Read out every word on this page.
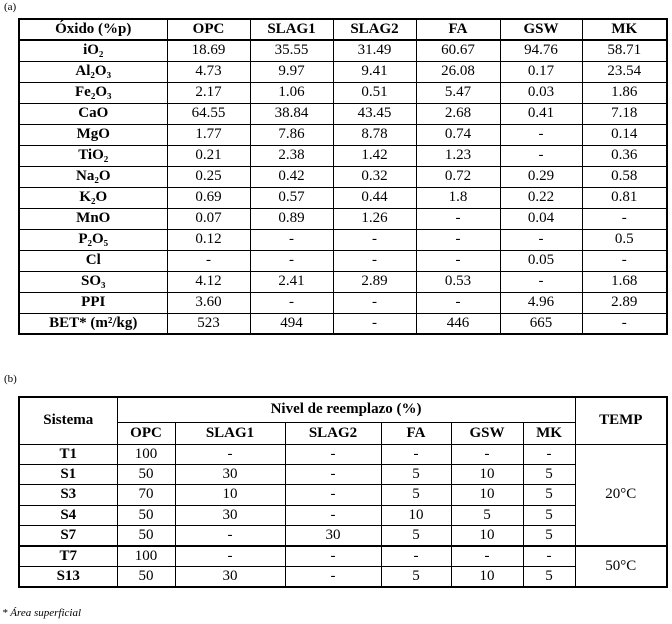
(a)
Óxido (%p)	OPC	SLAG1	SLAG2	FA	GSW	MK
iO₂	18.69	35.55	31.49	60.67	94.76	58.71
Al₂O₃	4.73	9.97	9.41	26.08	0.17	23.54
Fe₂O₃	2.17	1.06	0.51	5.47	0.03	1.86
CaO	64.55	38.84	43.45	2.68	0.41	7.18
MgO	1.77	7.86	8.78	0.74	-	0.14
TiO₂	0.21	2.38	1.42	1.23	-	0.36
Na₂O	0.25	0.42	0.32	0.72	0.29	0.58
K₂O	0.69	0.57	0.44	1.8	0.22	0.81
MnO	0.07	0.89	1.26	-	0.04	-
P₂O₅	0.12	-	-	-	-	0.5
Cl	-	-	-	-	0.05	-
SO₃	4.12	2.41	2.89	0.53	-	1.68
PPI	3.60	-	-	-	4.96	2.89
BET* (m²/kg)	523	494	-	446	665	-
(b)
Sistema	Nivel de reemplazo (%)						TEMP
	OPC	SLAG1	SLAG2	FA	GSW	MK	
T1	100	-	-	-	-	-	20°C
S1	50	30	-	5	10	5	
S3	70	10	-	5	10	5	
S4	50	30	-	10	5	5	
S7	50	-	30	5	10	5	
T7	100	-	-	-	-	-	50°C
S13	50	30	-	5	10	5	
* Área superficial
